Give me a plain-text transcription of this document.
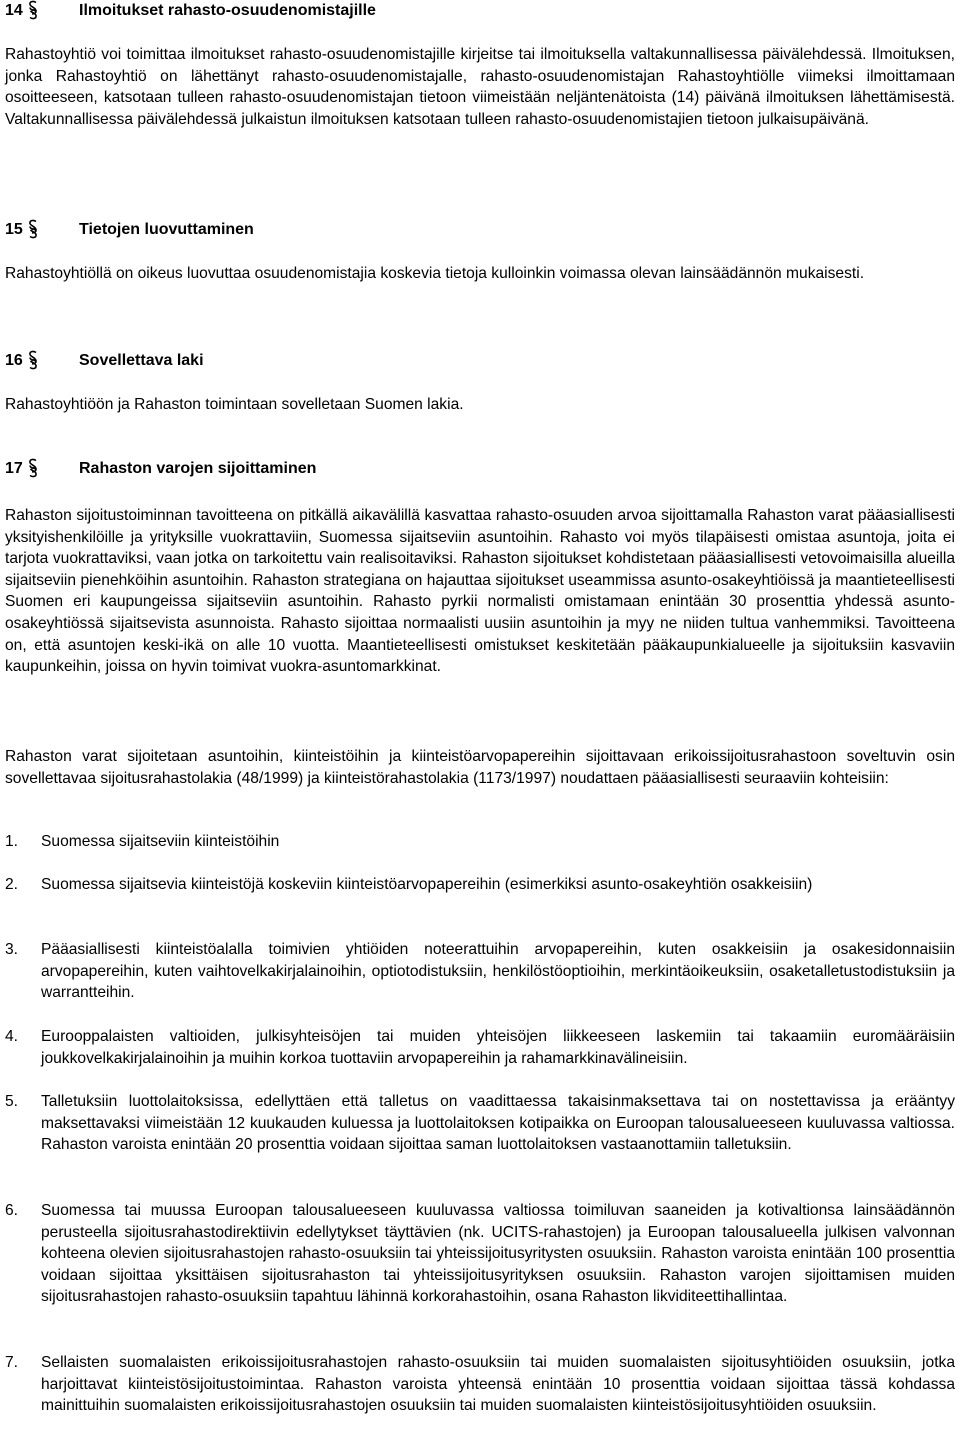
14	Ilmoitukset rahasto-osuudenomistajille

Rahastoyhtiö voi toimittaa ilmoitukset rahasto-osuudenomistajille kirjeitse tai ilmoituksella valtakunnallisessa päivälehdessä. Ilmoituksen, jonka Rahastoyhtiö on lähettänyt rahasto-osuudenomistajalle, rahasto-osuudenomistajan Rahastoyhtiölle viimeksi ilmoittamaan osoitteeseen, katsotaan tulleen rahasto-osuudenomistajan tietoon viimeistään neljäntenätoista (14) päivänä ilmoituksen lähettämisestä. Valtakunnallisessa päivälehdessä julkaistun ilmoituksen katsotaan tulleen rahasto-osuudenomistajien tietoon julkaisupäivänä.

15	Tietojen luovuttaminen

Rahastoyhtiöllä on oikeus luovuttaa osuudenomistajia koskevia tietoja kulloinkin voimassa olevan lainsäädännön mukaisesti.

16	Sovellettava laki

Rahastoyhtiöön ja Rahaston toimintaan sovelletaan Suomen lakia.

17	Rahaston varojen sijoittaminen

Rahaston sijoitustoiminnan tavoitteena on pitkällä aikavälillä kasvattaa rahasto-osuuden arvoa sijoittamalla Rahaston varat pääasiallisesti yksityishenkilöille ja yrityksille vuokrattaviin, Suomessa sijaitseviin asuntoihin. Rahasto voi myös tilapäisesti omistaa asuntoja, joita ei tarjota vuokrattaviksi, vaan jotka on tarkoitettu vain realisoitaviksi. Rahaston sijoitukset kohdistetaan pääasiallisesti vetovoimaisilla alueilla sijaitseviin pienehköihin asuntoihin. Rahaston strategiana on hajauttaa sijoitukset useammissa asunto-osakeyhtiöissä ja maantieteellisesti Suomen eri kaupungeissa sijaitseviin asuntoihin. Rahasto pyrkii normalisti omistamaan enintään 30 prosenttia yhdessä asunto-osakeyhtiössä sijaitsevista asunnoista. Rahasto sijoittaa normaalisti uusiin asuntoihin ja myy ne niiden tultua vanhemmiksi. Tavoitteena on, että asuntojen keski-ikä on alle 10 vuotta. Maantieteellisesti omistukset keskitetään pääkaupunkialueelle ja sijoituksiin kasvaviin kaupunkeihin, joissa on hyvin toimivat vuokra-asuntomarkkinat.

Rahaston varat sijoitetaan asuntoihin, kiinteistöihin ja kiinteistöarvopapereihin sijoittavaan erikoissijoitusrahastoon soveltuvin osin sovellettavaa sijoitusrahastolakia (48/1999) ja kiinteistörahastolakia (1173/1997) noudattaen pääasiallisesti seuraaviin kohteisiin:

1. Suomessa sijaitseviin kiinteistöihin

2. Suomessa sijaitsevia kiinteistöjä koskeviin kiinteistöarvopapereihin (esimerkiksi asunto-osakeyhtiön osakkeisiin)

3. Pääasiallisesti kiinteistöalalla toimivien yhtiöiden noteerattuihin arvopapereihin, kuten osakkeisiin ja osakesidonnaisiin arvopapereihin, kuten vaihtovelkakirjalainoihin, optiotodistuksiin, henkilöstöoptioihin, merkintäoikeuksiin, osaketalletustodistuksiin ja warrantteihin.

4. Eurooppalaisten valtioiden, julkisyhteisöjen tai muiden yhteisöjen liikkeeseen laskemiin tai takaamiin euromääräisiin joukkovelkakirjalainoihin ja muihin korkoa tuottaviin arvopapereihin ja rahamarkkinavälineisiin.

5. Talletuksiin luottolaitoksissa, edellyttäen että talletus on vaadittaessa takaisinmaksettava tai on nostettavissa ja erääntyy maksettavaksi viimeistään 12 kuukauden kuluessa ja luottolaitoksen kotipaikka on Euroopan talousalueeseen kuuluvassa valtiossa. Rahaston varoista enintään 20 prosenttia voidaan sijoittaa saman luottolaitoksen vastaanottamiin talletuksiin.

6. Suomessa tai muussa Euroopan talousalueeseen kuuluvassa valtiossa toimiluvan saaneiden ja kotivaltionsa lainsäädännön perusteella sijoitusrahastodirektiivin edellytykset täyttävien (nk. UCITS-rahastojen) ja Euroopan talousalueella julkisen valvonnan kohteena olevien sijoitusrahastojen rahasto-osuuksiin tai yhteissijoitusyritysten osuuksiin. Rahaston varoista enintään 100 prosenttia voidaan sijoittaa yksittäisen sijoitusrahaston tai yhteissijoitusyrityksen osuuksiin. Rahaston varojen sijoittamisen muiden sijoitusrahastojen rahasto-osuuksiin tapahtuu lähinnä korkorahastoihin, osana Rahaston likviditeettihallintaa.

7. Sellaisten suomalaisten erikoissijoitusrahastojen rahasto-osuuksiin tai muiden suomalaisten sijoitusyhtiöiden osuuksiin, jotka harjoittavat kiinteistösijoitustoimintaa. Rahaston varoista yhteensä enintään 10 prosenttia voidaan sijoittaa tässä kohdassa mainittuihin suomalaisten erikoissijoitusrahastojen osuuksiin tai muiden suomalaisten kiinteistösijoitusyhtiöiden osuuksiin.
